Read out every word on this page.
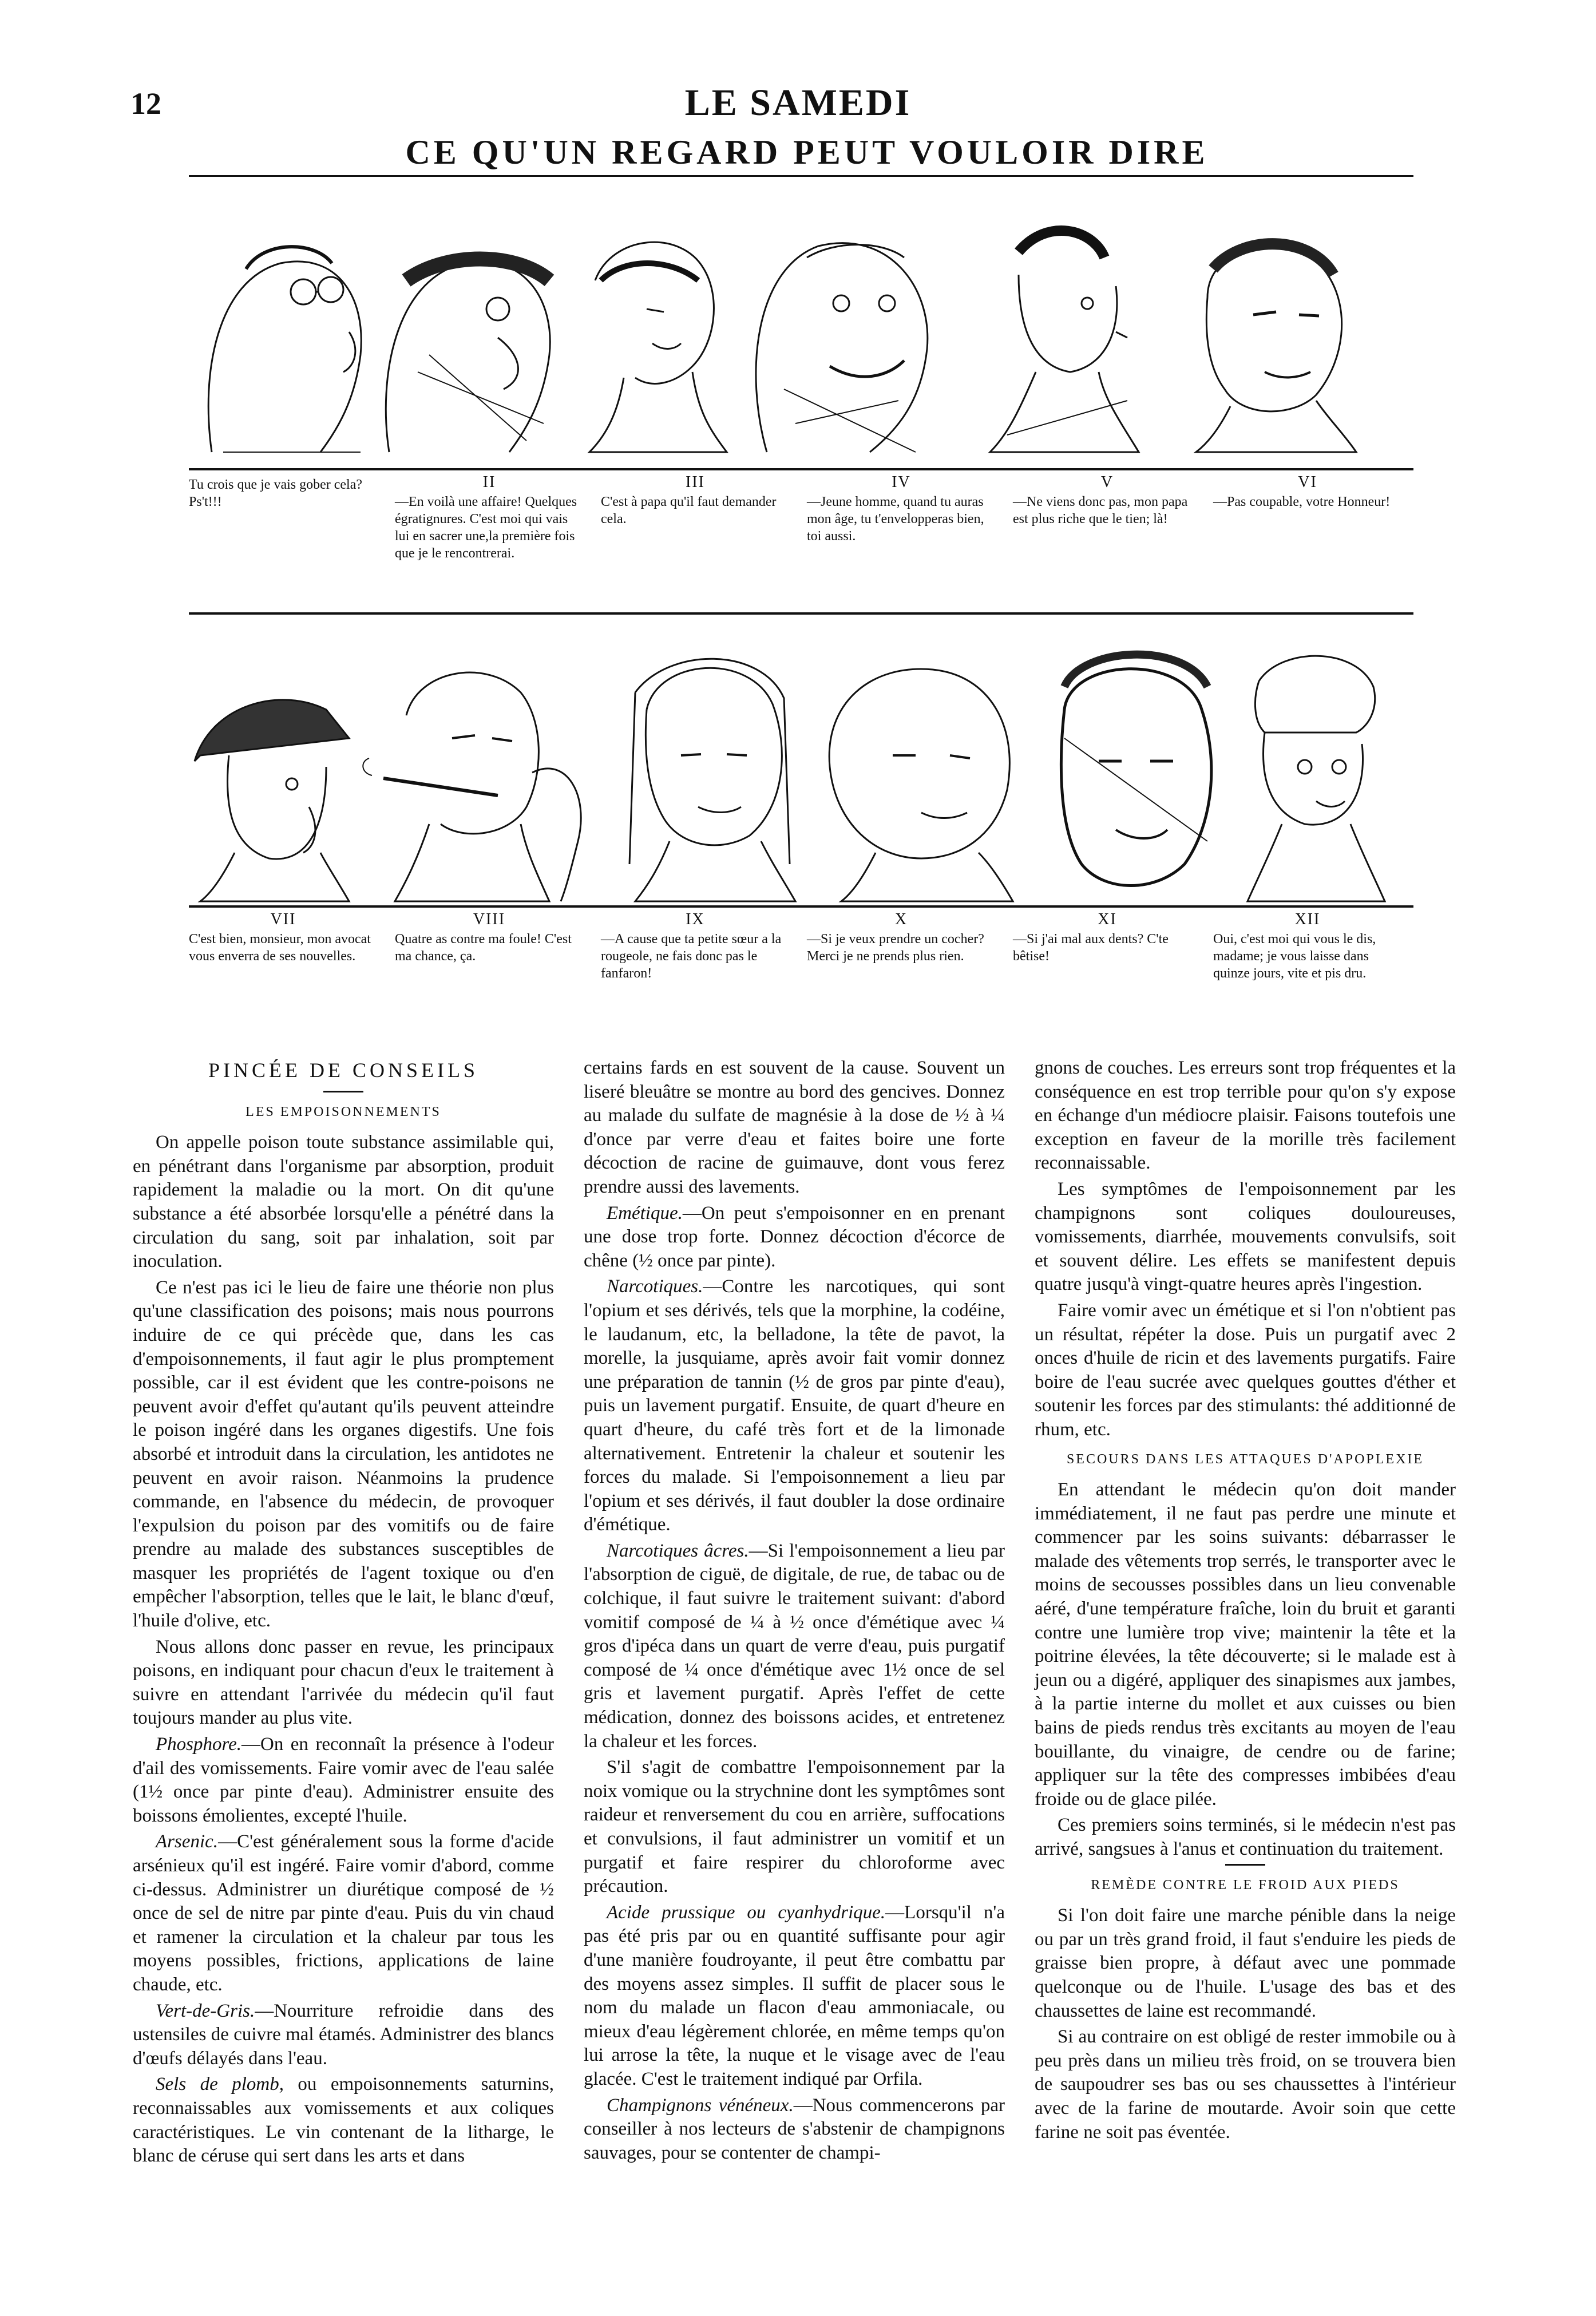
12	LE SAMEDI
CE QU'UN REGARD PEUT VOULOIR DIRE
Tu crois que je vais gober cela? Ps't!!!
II
—En voilà une affaire! Quelques égratignures. C'est moi qui vais lui en sacrer une,la première fois que je le rencontrerai.
III
C'est à papa qu'il faut demander cela.
IV
—Jeune homme, quand tu auras mon âge, tu t'envelopperas bien, toi aussi.
V
—Ne viens donc pas, mon papa est plus riche que le tien; là!
VI
—Pas coupable, votre Honneur!
VII
C'est bien, monsieur, mon avocat vous enverra de ses nouvelles.
VIII
Quatre as contre ma foule! C'est ma chance, ça.
IX
—A cause que ta petite sœur a la rougeole, ne fais donc pas le fanfaron!
X
—Si je veux prendre un cocher? Merci je ne prends plus rien.
XI
—Si j'ai mal aux dents? C'te bêtise!
XII
Oui, c'est moi qui vous le dis, madame; je vous laisse dans quinze jours, vite et pis dru.
PINCÉE DE CONSEILS
LES EMPOISONNEMENTS

On appelle poison toute substance assimilable qui, en pénétrant dans l'organisme par absorption, produit rapidement la maladie ou la mort. On dit qu'une substance a été absorbée lorsqu'elle a pénétré dans la circulation du sang, soit par inhalation, soit par inoculation.

Ce n'est pas ici le lieu de faire une théorie non plus qu'une classification des poisons; mais nous pourrons induire de ce qui précède que, dans les cas d'empoisonnements, il faut agir le plus promptement possible, car il est évident que les contre-poisons ne peuvent avoir d'effet qu'autant qu'ils peuvent atteindre le poison ingéré dans les organes digestifs. Une fois absorbé et introduit dans la circulation, les antidotes ne peuvent en avoir raison. Néanmoins la prudence commande, en l'absence du médecin, de provoquer l'expulsion du poison par des vomitifs ou de faire prendre au malade des substances susceptibles de masquer les propriétés de l'agent toxique ou d'en empêcher l'absorption, telles que le lait, le blanc d'œuf, l'huile d'olive, etc.

Nous allons donc passer en revue, les principaux poisons, en indiquant pour chacun d'eux le traitement à suivre en attendant l'arrivée du médecin qu'il faut toujours mander au plus vite.

Phosphore.—On en reconnaît la présence à l'odeur d'ail des vomissements. Faire vomir avec de l'eau salée (1½ once par pinte d'eau). Administrer ensuite des boissons émolientes, excepté l'huile.

Arsenic.—C'est généralement sous la forme d'acide arsénieux qu'il est ingéré. Faire vomir d'abord, comme ci-dessus. Administrer un diurétique composé de ½ once de sel de nitre par pinte d'eau. Puis du vin chaud et ramener la circulation et la chaleur par tous les moyens possibles, frictions, applications de laine chaude, etc.

Vert-de-Gris.—Nourriture refroidie dans des ustensiles de cuivre mal étamés. Administrer des blancs d'œufs délayés dans l'eau.

Sels de plomb, ou empoisonnements saturnins, reconnaissables aux vomissements et aux coliques caractéristiques. Le vin contenant de la litharge, le blanc de céruse qui sert dans les arts et dans

certains fards en est souvent de la cause. Souvent un liseré bleuâtre se montre au bord des gencives. Donnez au malade du sulfate de magnésie à la dose de ½ à ¼ d'once par verre d'eau et faites boire une forte décoction de racine de guimauve, dont vous ferez prendre aussi des lavements.

Emétique.—On peut s'empoisonner en en prenant une dose trop forte. Donnez décoction d'écorce de chêne (½ once par pinte).

Narcotiques.—Contre les narcotiques, qui sont l'opium et ses dérivés, tels que la morphine, la codéine, le laudanum, etc, la belladone, la tête de pavot, la morelle, la jusquiame, après avoir fait vomir donnez une préparation de tannin (½ de gros par pinte d'eau), puis un lavement purgatif. Ensuite, de quart d'heure en quart d'heure, du café très fort et de la limonade alternativement. Entretenir la chaleur et soutenir les forces du malade. Si l'empoisonnement a lieu par l'opium et ses dérivés, il faut doubler la dose ordinaire d'émétique.

Narcotiques âcres.—Si l'empoisonnement a lieu par l'absorption de ciguë, de digitale, de rue, de tabac ou de colchique, il faut suivre le traitement suivant: d'abord vomitif composé de ¼ à ½ once d'émétique avec ¼ gros d'ipéca dans un quart de verre d'eau, puis purgatif composé de ¼ once d'émétique avec 1½ once de sel gris et lavement purgatif. Après l'effet de cette médication, donnez des boissons acides, et entretenez la chaleur et les forces.

S'il s'agit de combattre l'empoisonnement par la noix vomique ou la strychnine dont les symptômes sont raideur et renversement du cou en arrière, suffocations et convulsions, il faut administrer un vomitif et un purgatif et faire respirer du chloroforme avec précaution.

Acide prussique ou cyanhydrique.—Lorsqu'il n'a pas été pris par ou en quantité suffisante pour agir d'une manière foudroyante, il peut être combattu par des moyens assez simples. Il suffit de placer sous le nom du malade un flacon d'eau ammoniacale, ou mieux d'eau légèrement chlorée, en même temps qu'on lui arrose la tête, la nuque et le visage avec de l'eau glacée. C'est le traitement indiqué par Orfila.

Champignons vénéneux.—Nous commencerons par conseiller à nos lecteurs de s'abstenir de champignons sauvages, pour se contenter de champi-

gnons de couches. Les erreurs sont trop fréquentes et la conséquence en est trop terrible pour qu'on s'y expose en échange d'un médiocre plaisir. Faisons toutefois une exception en faveur de la morille très facilement reconnaissable.

Les symptômes de l'empoisonnement par les champignons sont coliques douloureuses, vomissements, diarrhée, mouvements convulsifs, soit et souvent délire. Les effets se manifestent depuis quatre jusqu'à vingt-quatre heures après l'ingestion.

Faire vomir avec un émétique et si l'on n'obtient pas un résultat, répéter la dose. Puis un purgatif avec 2 onces d'huile de ricin et des lavements purgatifs. Faire boire de l'eau sucrée avec quelques gouttes d'éther et soutenir les forces par des stimulants: thé additionné de rhum, etc.

SECOURS DANS LES ATTAQUES D'APOPLEXIE

En attendant le médecin qu'on doit mander immédiatement, il ne faut pas perdre une minute et commencer par les soins suivants: débarrasser le malade des vêtements trop serrés, le transporter avec le moins de secousses possibles dans un lieu convenable aéré, d'une température fraîche, loin du bruit et garanti contre une lumière trop vive; maintenir la tête et la poitrine élevées, la tête découverte; si le malade est à jeun ou a digéré, appliquer des sinapismes aux jambes, à la partie interne du mollet et aux cuisses ou bien bains de pieds rendus très excitants au moyen de l'eau bouillante, du vinaigre, de cendre ou de farine; appliquer sur la tête des compresses imbibées d'eau froide ou de glace pilée.

Ces premiers soins terminés, si le médecin n'est pas arrivé, sangsues à l'anus et continuation du traitement.

REMÈDE CONTRE LE FROID AUX PIEDS

Si l'on doit faire une marche pénible dans la neige ou par un très grand froid, il faut s'enduire les pieds de graisse bien propre, à défaut avec une pommade quelconque ou de l'huile. L'usage des bas et des chaussettes de laine est recommandé.

Si au contraire on est obligé de rester immobile ou à peu près dans un milieu très froid, on se trouvera bien de saupoudrer ses bas ou ses chaussettes à l'intérieur avec de la farine de moutarde. Avoir soin que cette farine ne soit pas éventée.
